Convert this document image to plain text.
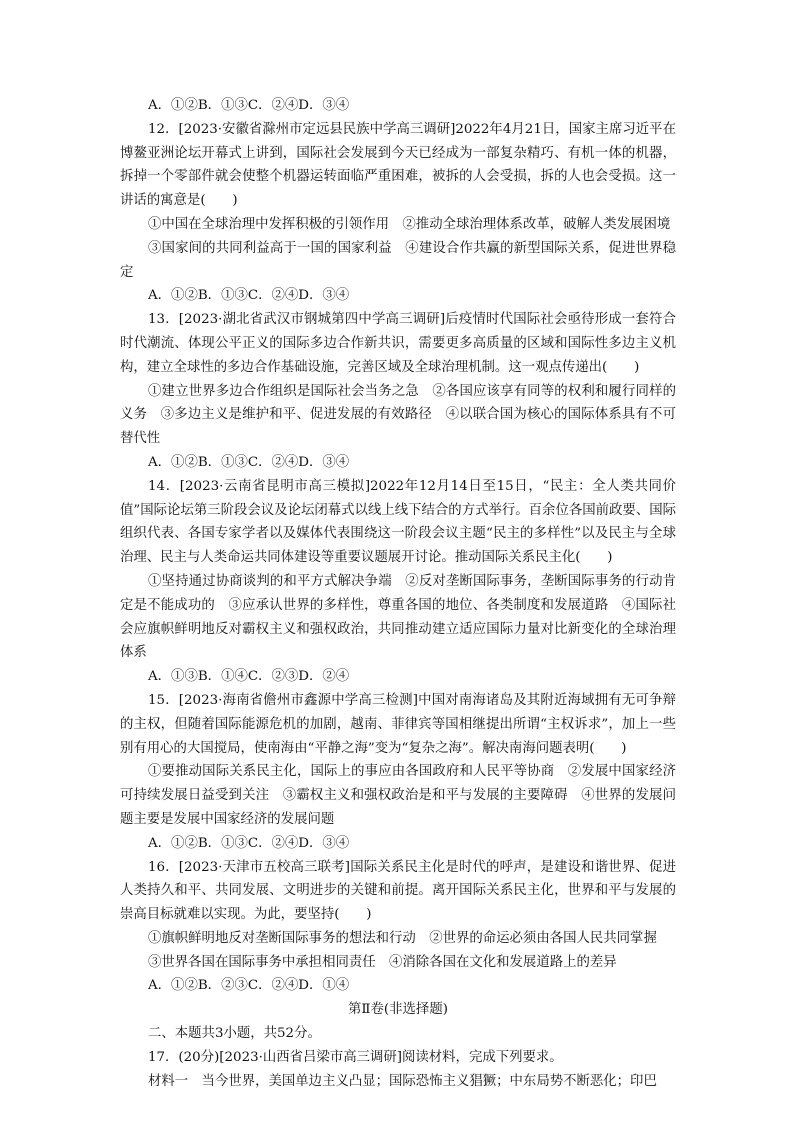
A．①②B．①③C．②④D．③④

12．[2023·安徽省滁州市定远县民族中学高三调研]2022年4月21日，国家主席习近平在博鳌亚洲论坛开幕式上讲到，国际社会发展到今天已经成为一部复杂精巧、有机一体的机器，拆掉一个零部件就会使整个机器运转面临严重困难，被拆的人会受损，拆的人也会受损。这一讲话的寓意是(　　)

①中国在全球治理中发挥积极的引领作用　②推动全球治理体系改革，破解人类发展困境

③国家间的共同利益高于一国的国家利益　④建设合作共赢的新型国际关系，促进世界稳定

A．①②B．①③C．②④D．③④

13．[2023·湖北省武汉市钢城第四中学高三调研]后疫情时代国际社会亟待形成一套符合时代潮流、体现公平正义的国际多边合作新共识，需要更多高质量的区域和国际性多边主义机构，建立全球性的多边合作基础设施，完善区域及全球治理机制。这一观点传递出(　　)

①建立世界多边合作组织是国际社会当务之急　②各国应该享有同等的权利和履行同样的义务　③多边主义是维护和平、促进发展的有效路径　④以联合国为核心的国际体系具有不可替代性

A．①②B．①③C．②④D．③④

14．[2023·云南省昆明市高三模拟]2022年12月14日至15日，“民主：全人类共同价值”国际论坛第三阶段会议及论坛闭幕式以线上线下结合的方式举行。百余位各国前政要、国际组织代表、各国专家学者以及媒体代表围绕这一阶段会议主题“民主的多样性”以及民主与全球治理、民主与人类命运共同体建设等重要议题展开讨论。推动国际关系民主化(　　)

①坚持通过协商谈判的和平方式解决争端　②反对垄断国际事务，垄断国际事务的行动肯定是不能成功的　③应承认世界的多样性，尊重各国的地位、各类制度和发展道路　④国际社会应旗帜鲜明地反对霸权主义和强权政治，共同推动建立适应国际力量对比新变化的全球治理体系

A．①③B．①④C．②③D．②④

15．[2023·海南省儋州市鑫源中学高三检测]中国对南海诸岛及其附近海域拥有无可争辩的主权，但随着国际能源危机的加剧，越南、菲律宾等国相继提出所谓“主权诉求”，加上一些别有用心的大国搅局，使南海由“平静之海”变为“复杂之海”。解决南海问题表明(　　)

①要推动国际关系民主化，国际上的事应由各国政府和人民平等协商　②发展中国家经济可持续发展日益受到关注　③霸权主义和强权政治是和平与发展的主要障碍　④世界的发展问题主要是发展中国家经济的发展问题

A．①②B．①③C．②④D．③④

16．[2023·天津市五校高三联考]国际关系民主化是时代的呼声，是建设和谐世界、促进人类持久和平、共同发展、文明进步的关键和前提。离开国际关系民主化，世界和平与发展的崇高目标就难以实现。为此，要坚持(　　)

①旗帜鲜明地反对垄断国际事务的想法和行动　②世界的命运必须由各国人民共同掌握

③世界各国在国际事务中承担相同责任　④消除各国在文化和发展道路上的差异

A．①②B．②③C．②④D．①④

第Ⅱ卷(非选择题)

二、本题共3小题，共52分。

17．(20分)[2023·山西省吕梁市高三调研]阅读材料，完成下列要求。

材料一　当今世界，美国单边主义凸显；国际恐怖主义猖獗；中东局势不断恶化；印巴
